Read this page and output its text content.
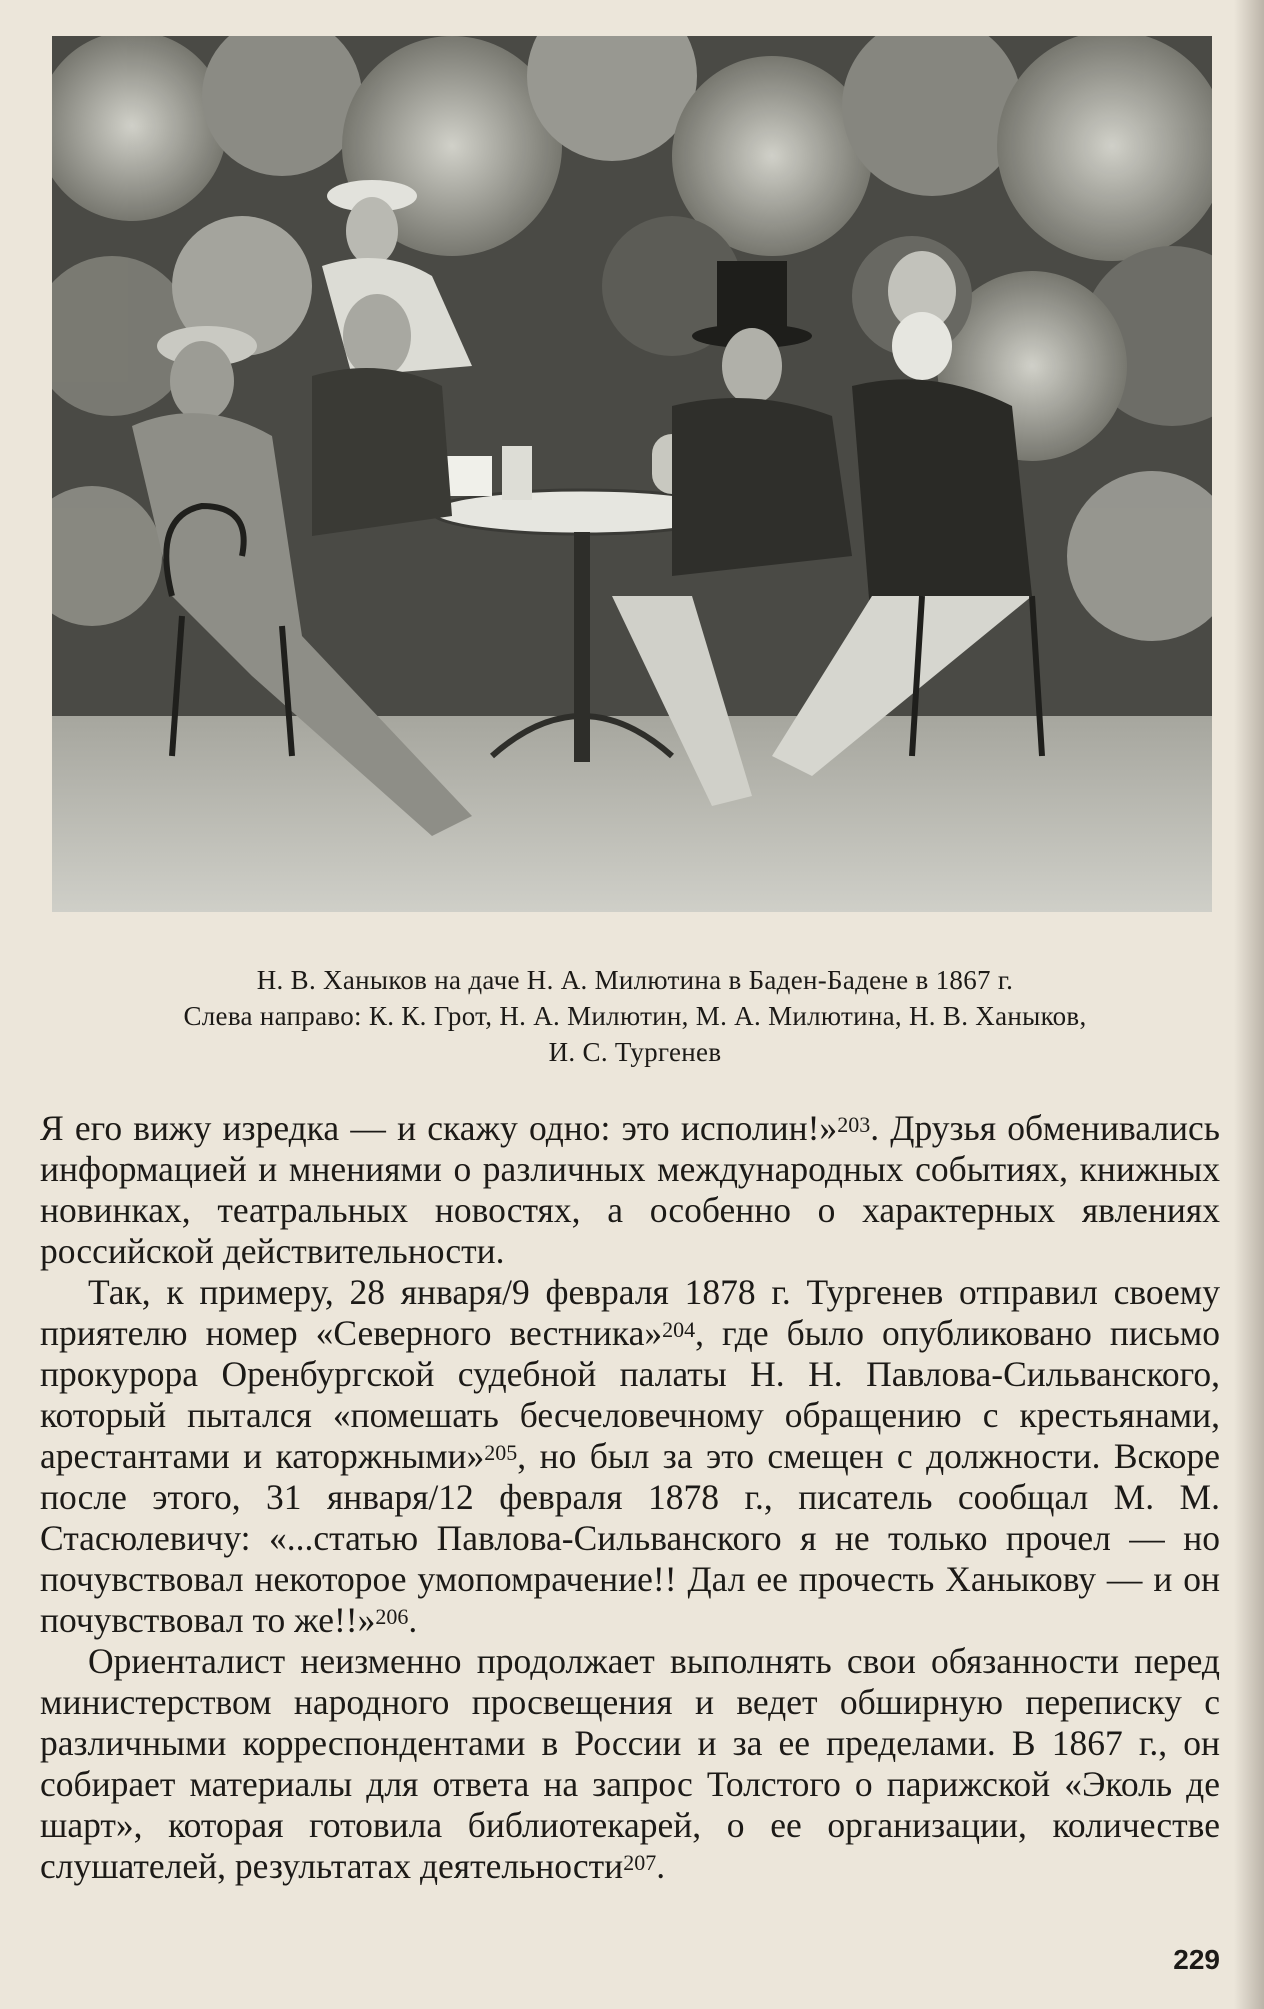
Н. В. Ханыков на даче Н. А. Милютина в Баден-Бадене в 1867 г.
Слева направо: К. К. Грот, Н. А. Милютин, М. А. Милютина, Н. В. Ханыков,
И. С. Тургенев

Я его вижу изредка — и скажу одно: это исполин!»$^{203}$. Друзья обменивались информацией и мнениями о различных международных событиях, книжных новинках, театральных новостях, а особенно о характерных явлениях российской действительности.

Так, к примеру, 28 января/9 февраля 1878 г. Тургенев отправил своему приятелю номер «Северного вестника»$^{204}$, где было опубликовано письмо прокурора Оренбургской судебной палаты Н. Н. Павлова-Сильванского, который пытался «помешать бесчеловечному обращению с крестьянами, арестантами и каторжными»$^{205}$, но был за это смещен с должности. Вскоре после этого, 31 января/12 февраля 1878 г., писатель сообщал М. М. Стасюлевичу: «...статью Павлова-Сильванского я не только прочел — но почувствовал некоторое умопомрачение!! Дал ее прочесть Ханыкову — и он почувствовал то же!!»$^{206}$.

Ориенталист неизменно продолжает выполнять свои обязанности перед министерством народного просвещения и ведет обширную переписку с различными корреспондентами в России и за ее пределами. В 1867 г., он собирает материалы для ответа на запрос Толстого о парижской «Эколь де шарт», которая готовила библиотекарей, о ее организации, количестве слушателей, результатах деятельности$^{207}$.

229
